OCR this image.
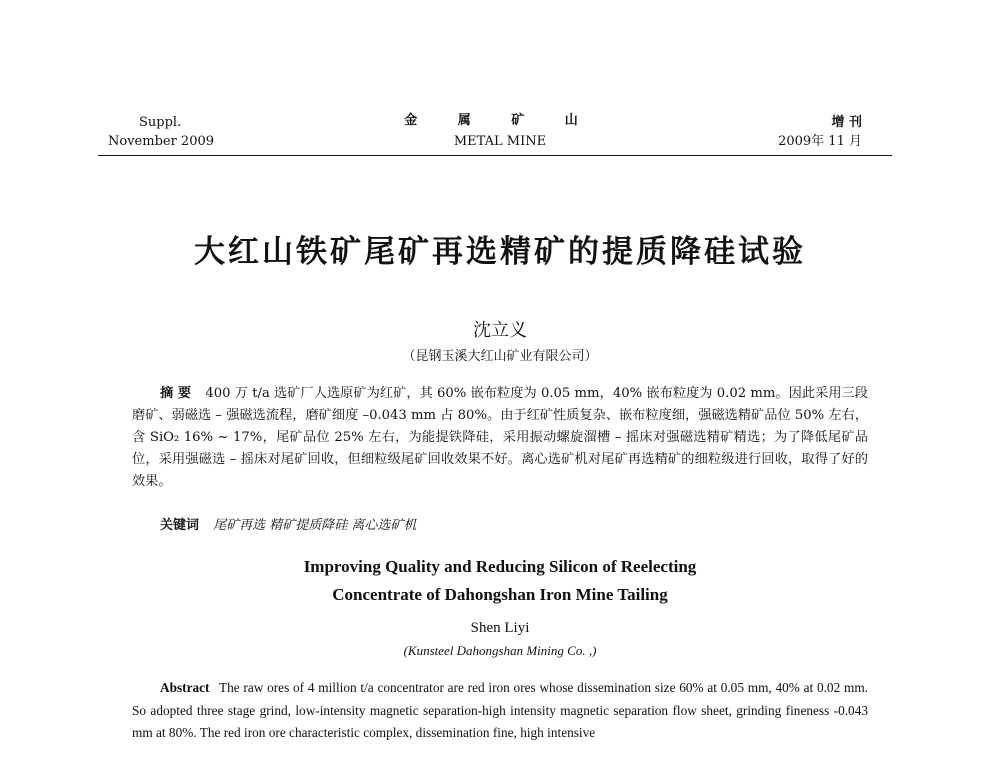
Suppl.
November 2009
金 属 矿 山
METAL MINE
增 刊
2009年 11 月
大红山铁矿尾矿再选精矿的提质降硅试验
沈立义
（昆钢玉溪大红山矿业有限公司）
摘 要 400 万 t/a 选矿厂人选原矿为红矿，其 60% 嵌布粒度为 0.05 mm，40% 嵌布粒度为 0.02 mm。因此采用三段磨矿、弱磁选 – 强磁选流程，磨矿细度 –0.043 mm 占 80%。由于红矿性质复杂、嵌布粒度细，强磁选精矿品位 50% 左右，含 SiO₂ 16% ~ 17%，尾矿品位 25% 左右，为能提铁降硅，采用振动螺旋溜槽 – 摇床对强磁选精矿精选；为了降低尾矿品位，采用强磁选 – 摇床对尾矿回收，但细粒级尾矿回收效果不好。离心选矿机对尾矿再选精矿的细粒级进行回收，取得了好的效果。
关键词 尾矿再选 精矿提质降硅 离心选矿机
Improving Quality and Reducing Silicon of Reelecting
Concentrate of Dahongshan Iron Mine Tailing
Shen Liyi
(Kunsteel Dahongshan Mining Co. ,)
Abstract The raw ores of 4 million t/a concentrator are red iron ores whose dissemination size 60% at 0.05 mm, 40% at 0.02 mm. So adopted three stage grind, low-intensity magnetic separation-high intensity magnetic separation flow sheet, grinding fineness -0.043 mm at 80%. The red iron ore characteristic complex, dissemination fine, high intensive
